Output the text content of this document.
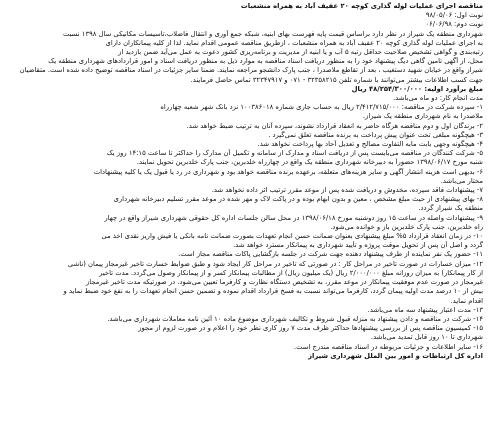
مناقصه اجرای عملیات لوله گذاری کوچه ۲۰ عفیف آباد به همراه منشعبات
نوبت اول: ۹۸/۰۵/۰۶
نوبت دوم: ۰۶/۰۶/۹۸
شهرداری منطقه یک شیراز در نظر دارد براساس قیمت پایه فهرست بهای ابنیه، شبکه جمع آوری و انتقال فاضلاب،تاسیسات مکانیکی سال ۱۳۹۸ نسبت
به اجرای عملیات لوله گذاری کوچه ۲۰ عفیف آباد به همراه منشعبات ، ازطریق مناقصه عمومی اقدام نماید. لذا از کلیه پیمانکاران دارای
رتبه‌بندی و گواهی تشخیص صلاحیت حداقل رتبه ۵ آب و یا ابنیه از مدیریت و برنامه‌ریزی کشور دعوت به عمل می‌آید ضمن بازدید از
محل، از آگهی تامین گاهی دیگ پیشنهاد خود را به منظور دریافت اسناد مناقصه به موارد ذیل به منظور دریافت اسناد و امور قراردادهای شهرداری منطقه یک
شیراز واقع در خیابان شهید دستغیب ، بعد از تقاطع ملاصدرا ، جنب پارک دانشجو مراجعه نمایند. ضمنا سایر جزئیات در اسناد مناقصه توضیح داده شده است. متقاضیان
جهت کسب اطلاعات بیشتر می‌توانند با شماره تلفن ۳۲۳۵۸۲۱۵ - ۰۷۱ و ۳۲۳۴۷۹۱۷ تماس حاصل فرمایند.
مبلغ برآورد اولیه: ۴۸/۲۵۴/۳۰۰/۰۰۰ ریال
مدت انجام کار: دو ماه می‌باشد.
۱- سپرده شرکت در مناقصه: ۲/۴۱۲/۷۱۵/۰۰۰ ریال به حساب جاری شماره ۱۰۰۳۸۶۰۱۸ نزد بانک شهر شعبه چهارراه
ملاصدرا به نام شهرداری منطقه یک شیراز.
۲- برندگان اول و دوم مناقصه هرگاه حاضر به انعقاد قرارداد نشوند، سپرده آنان به ترتیب ضبط خواهد شد.
۳- هیچگونه مبلغی تحت عنوان پیش پرداخت به برنده مناقصه تعلق نمی‌گیرد .
۴- هیچگونه وجهی بابت مابه التفاوت مصالح و تعدیل آحاد بها پرداخت نخواهد شد.
۵- شرکت کنندگان در مناقصه می‌بایست پس از دریافت اسناد و مدارک از سامانه و تکمیل آن مدارک را حداکثر تا ساعت ۱۴:۱۵ روز یک
شنبه مورخ ۱۳۹۸/۰۶/۱۷ حضوراً به دبیرخانه شهرداری منطقه یک واقع در چهارراه خلدبرین، جنب پارک خلدبرین تحویل نمایند.
۶- بدیهی است هزینه انتشار آگهی و سایر هزینه‌های متعلقه، برعهده برنده مناقصه خواهد بود و شهرداری در رد یا قبول یک یا کلیه پیشنهادات
مختار می‌باشد.
۷- پیشنهادات فاقد سپرده، مخدوش و دریافت شده پس از موعد مقرر ترتیب اثر داده نخواهد شد.
۸- بهای پیشنهادی از حیث مبلغ مشخص ، معین و بدون ابهام بوده و در پاکت لاک و مهر شده در موعد مقرر تسلیم دبیرخانه شهرداری
منطقه یک شیراز گردد.
۹- پیشنهادات واصله در ساعت ۱۵ روز دوشنبه مورخ ۱۳۹۸/۰۶/۱۸ در محل سالن جلسات اداره کل حقوقی شهرداری شیراز واقع در چهار
راه خلدبرین، جنب پارک خلدبرین باز و خوانده می‌شود.
۱۰- در زمان انعقاد قرارداد ۵% مبلغ پیشنهادی بعنوان ضمانت حسن انجام تعهدات بصورت ضمانت نامه بانکی یا فیش واریز نقدی اخذ می
گردد و اصل آن پس از تحویل موقت پروژه و تأیید شهرداری به پیمانکار مسترد خواهد شد.
۱۱- حضور یک نفر نماینده از طرف پیشنهاد دهنده جهت شرکت در جلسه بازگشایی پاکات مناقصه مجاز است.
۱۲- میزان خسارات در صورت تاخیر در مراحل کار : در صورتی که تاخیر در مراحل کار ایجاد شود و طبق ضوابط خسارت تاخیر غیرمجاز پیمان (ناشی
از کار پیمانکار) به میزان روزانه مبلغ ۲/۰۰۰/۰۰۰ ریال (یک میلیون ریال) از مطالبات پیمانکار کسر و از پیمانکار وصول می‌گردد. مدت تاخیر
غیرمجاز در صورت عدم موفقیت پیمانکار در موعد مقرر، به تشخیص دستگاه نظارت و کارفرما تعیین می‌شود. در صورتیکه مدت تاخیر غیرمجاز
بیش از ۱۰ درصد مدت اولیه پیمان گردد، کارفرما می‌تواند نسبت به فسخ قرارداد اقدام نموده و تضمین حسن انجام تعهدات را به نفع خود ضبط نماید و
اقدام نماید.
۱۳- مدت اعتبار پیشنهاد سه ماه می‌باشد.
۱۴- شرکت در مناقصه و دادن پیشنهاد به منزله قبول شروط و تکالیف شهرداری موضوع ماده ۱۰ آئین نامه معاملات شهرداری می‌باشد.
۱۵- کمیسیون مناقصه پس از بررسی پیشنهادها حداکثر ظرف مدت ۷ روز کاری نظر خود را اعلام و در صورت لزوم از مجوز
شهرداری تا ۱۰ روز قابل تمدید می‌باشد.
۱۶- سایر اطلاعات و جزئیات مربوطه در اسناد مناقصه مندرج است.
اداره کل ارتباطات و امور بین الملل شهرداری شیراز
